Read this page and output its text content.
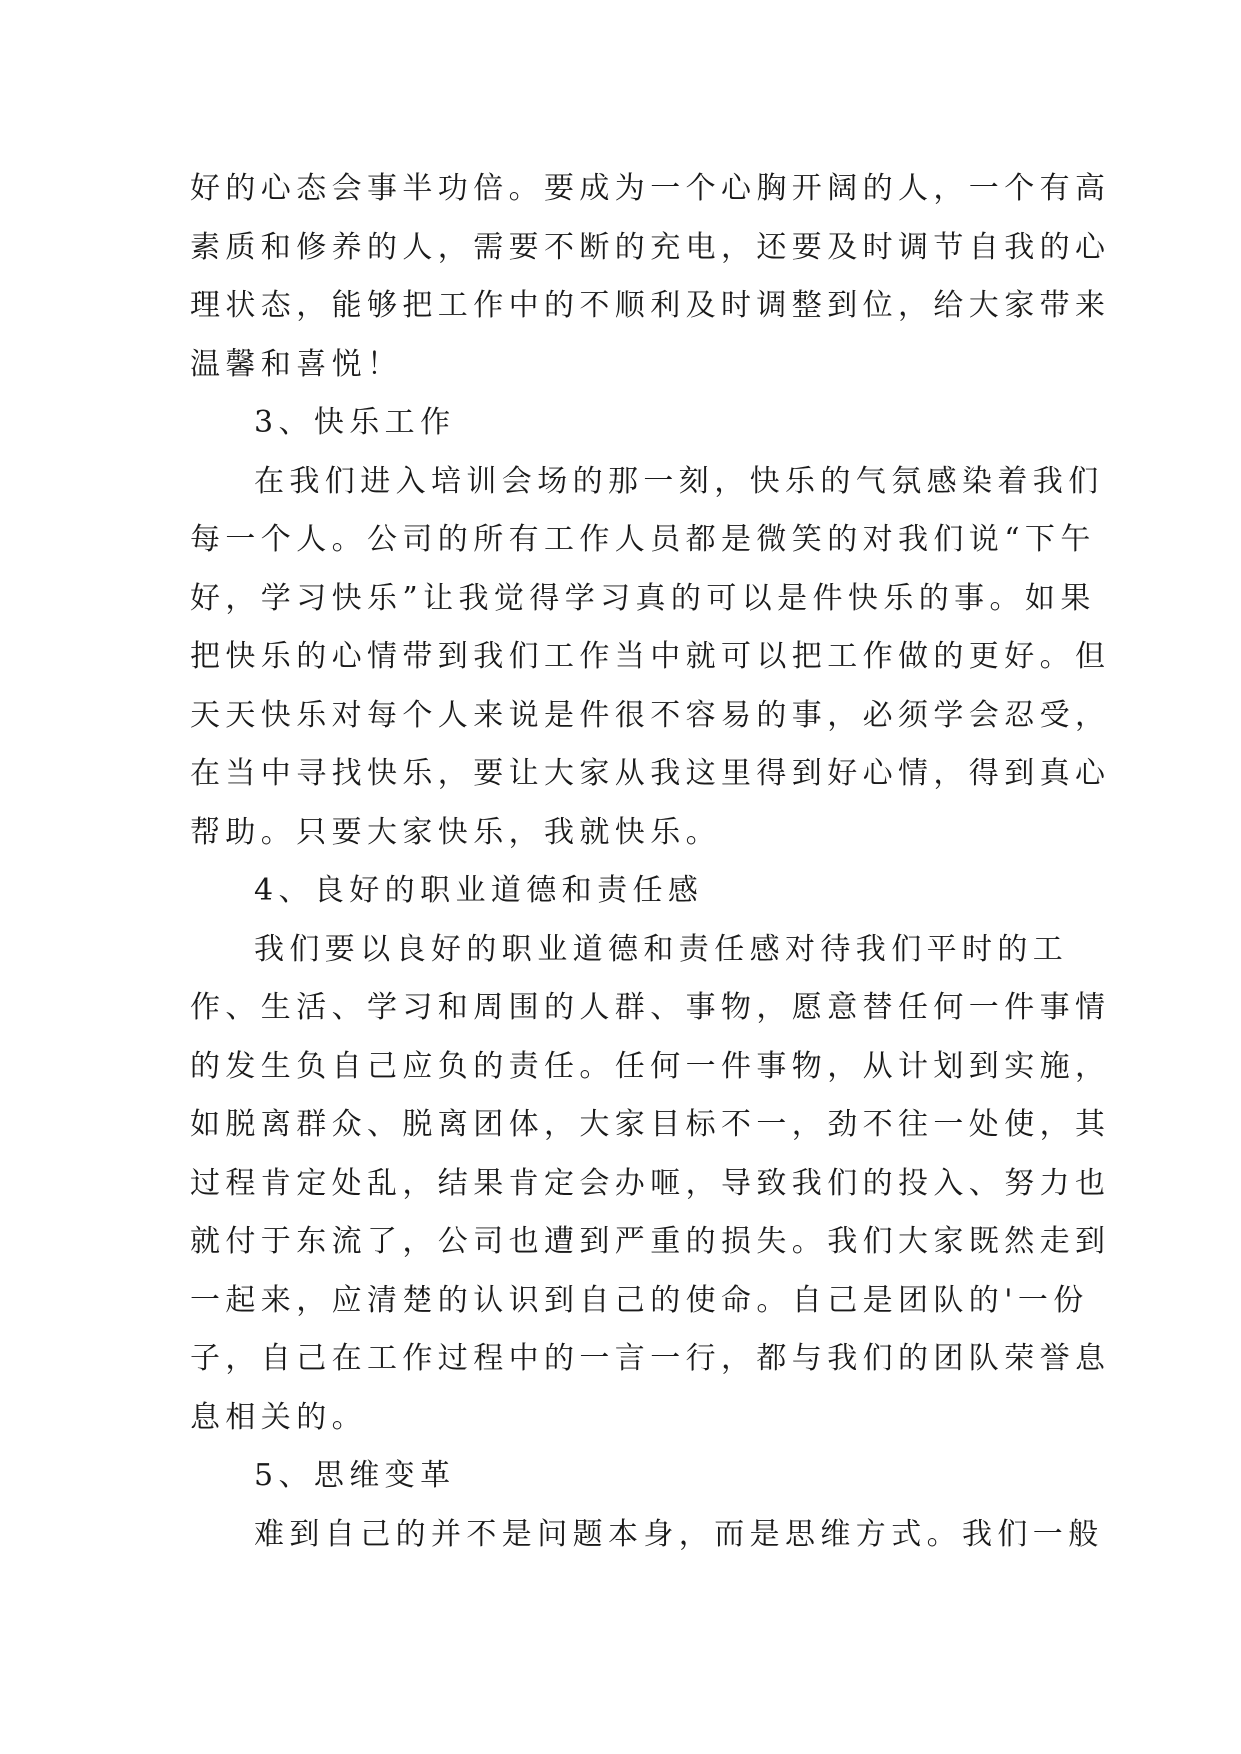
好的心态会事半功倍。要成为一个心胸开阔的人，一个有高
素质和修养的人，需要不断的充电，还要及时调节自我的心
理状态，能够把工作中的不顺利及时调整到位，给大家带来
温馨和喜悦！
3、快乐工作
在我们进入培训会场的那一刻，快乐的气氛感染着我们
每一个人。公司的所有工作人员都是微笑的对我们说“下午
好，学习快乐”让我觉得学习真的可以是件快乐的事。如果
把快乐的心情带到我们工作当中就可以把工作做的更好。但
天天快乐对每个人来说是件很不容易的事，必须学会忍受，
在当中寻找快乐，要让大家从我这里得到好心情，得到真心
帮助。只要大家快乐，我就快乐。
4、良好的职业道德和责任感
我们要以良好的职业道德和责任感对待我们平时的工
作、生活、学习和周围的人群、事物，愿意替任何一件事情
的发生负自己应负的责任。任何一件事物，从计划到实施，
如脱离群众、脱离团体，大家目标不一，劲不往一处使，其
过程肯定处乱，结果肯定会办咂，导致我们的投入、努力也
就付于东流了，公司也遭到严重的损失。我们大家既然走到
一起来，应清楚的认识到自己的使命。自己是团队的'一份
子，自己在工作过程中的一言一行，都与我们的团队荣誉息
息相关的。
5、思维变革
难到自己的并不是问题本身，而是思维方式。我们一般
